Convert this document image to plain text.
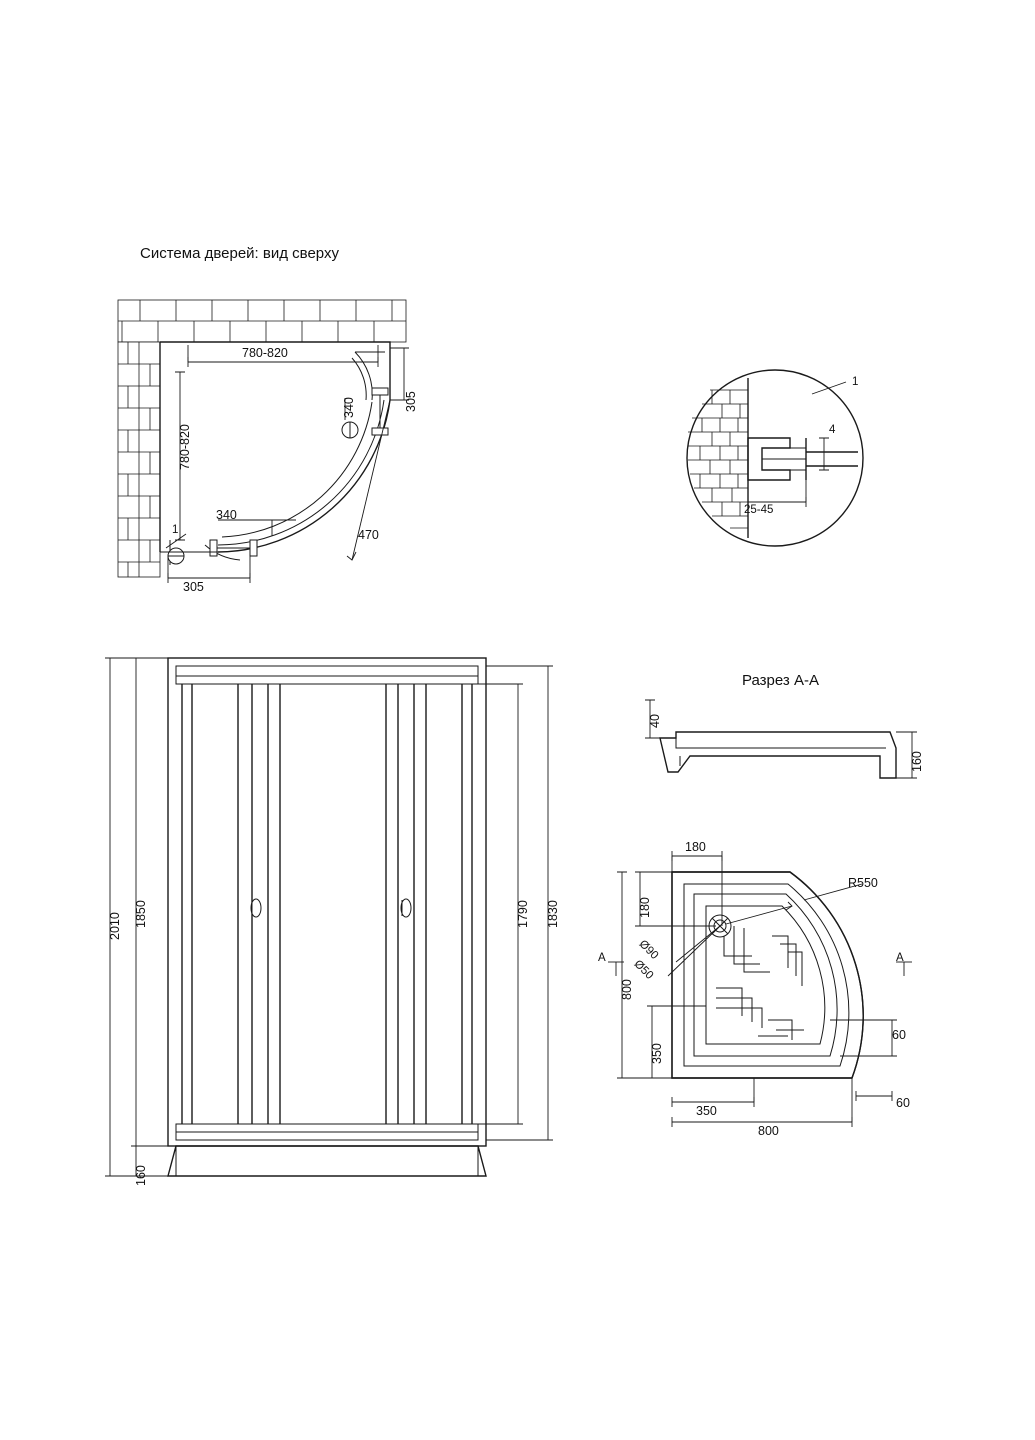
Система дверей: вид сверху
Разрез А-А
780-820
780-820
305
305
340
340
470
1
1
4
25-45
2010 1850
160
1790 1830
40
160
180
180
800
350
350
800
60
60
R550
Ø90
Ø50
A	A
